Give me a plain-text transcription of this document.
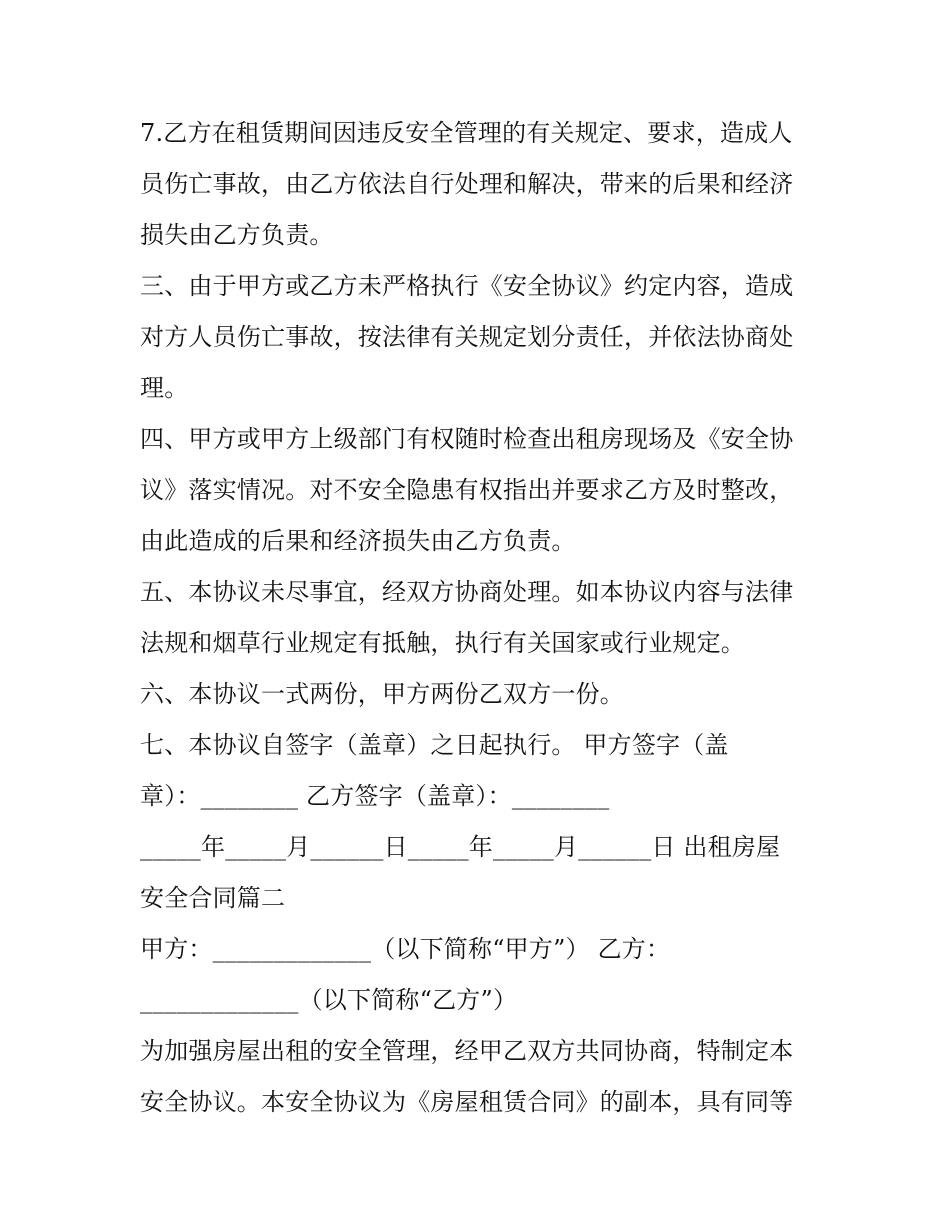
7.乙方在租赁期间因违反安全管理的有关规定、要求，造成人
员伤亡事故，由乙方依法自行处理和解决，带来的后果和经济
损失由乙方负责。
三、由于甲方或乙方未严格执行《安全协议》约定内容，造成
对方人员伤亡事故，按法律有关规定划分责任，并依法协商处
理。
四、甲方或甲方上级部门有权随时检查出租房现场及《安全协
议》落实情况。对不安全隐患有权指出并要求乙方及时整改，
由此造成的后果和经济损失由乙方负责。
五、本协议未尽事宜，经双方协商处理。如本协议内容与法律
法规和烟草行业规定有抵触，执行有关国家或行业规定。
六、本协议一式两份，甲方两份乙双方一份。
七、本协议自签字（盖章）之日起执行。 甲方签字（盖
章）：________ 乙方签字（盖章）：________
_____年_____月______日_____年_____月______日 出租房屋
安全合同篇二
甲方：_____________（以下简称“甲方”） 乙方：
_____________（以下简称“乙方”）
为加强房屋出租的安全管理，经甲乙双方共同协商，特制定本
安全协议。本安全协议为《房屋租赁合同》的副本，具有同等
